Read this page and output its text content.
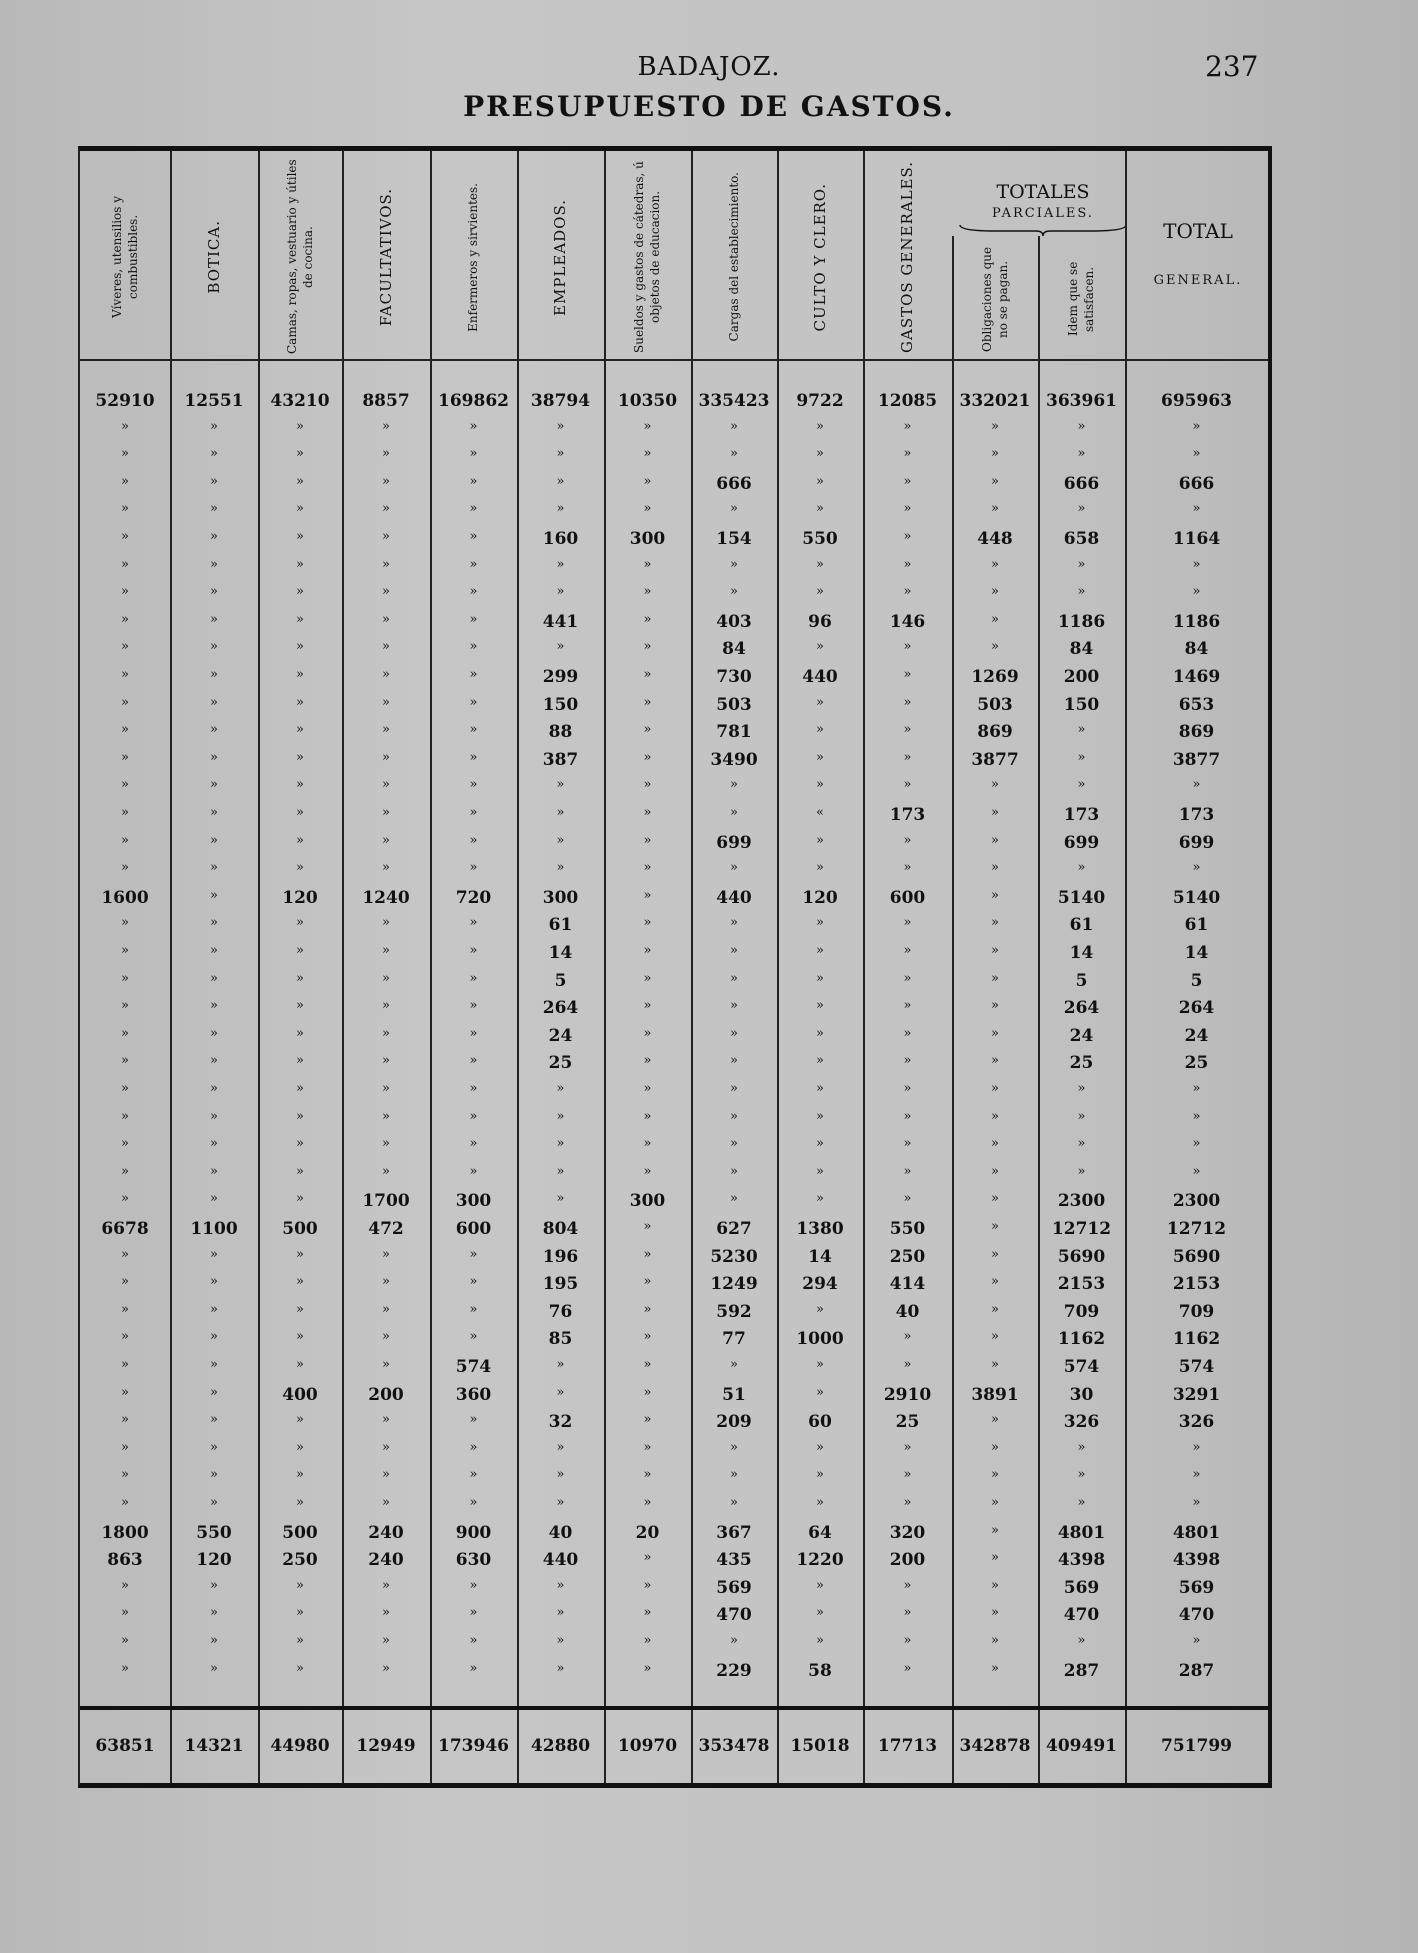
BADAJOZ.	237
PRESUPUESTO DE GASTOS.
TOTALES
PARCIALES.
TOTAL
GENERAL.
Víveres, utensilios y combustibles.	BOTICA.	Camas, ropas, vestuario y útiles de cocina.	FACULTATIVOS.	Enfermeros y sirvientes.	EMPLEADOS.	Sueldos y gastos de cátedras, ú objetos de educacion.	Cargas del establecimiento.	CULTO Y CLERO.	GASTOS GENERALES.	Obligaciones que no se pagan.	Idem que se satisfacen.
52910	12551	43210	8857	169862	38794	10350	335423	9722	12085	332021 363961	695963
»	»	»	»	»	»	»	»	»	»	»	»	»
»	»	»	»	»	»	»	»	»	»	»	»	»
»	»	»	»	»	»	»	666	»	»	»	666	666
»	»	»	»	»	»	»	»	»	»	»	»	»
»	»	»	»	»	160	300	154	550	»	448	658	1164
»	»	»	»	»	»	»	»	»	»	»	»	»
»	»	»	»	»	»	»	»	»	»	»	»	»
»	»	»	»	»	441	»	403	96	146	»	1186	1186
»	»	»	»	»	»	»	84	»	»	»	84	84
»	»	»	»	»	299	»	730	440	»	1269	200	1469
»	»	»	»	»	150	»	503	»	»	503	150	653
»	»	»	»	»	88	»	781	»	»	869	»	869
»	»	»	»	»	387	»	3490	»	»	3877	»	3877
»	»	»	»	»	»	»	»	»	»	»	»	»
»	»	»	»	»	»	»	»	«	173	»	173	173
»	»	»	»	»	»	»	699	»	»	»	699	699
»	»	»	»	»	»	»	»	»	»	»	»	»
1600	»	120	1240	720	300	»	440	120	600	»	5140	5140
»	»	»	»	»	61	»	»	»	»	»	61	61
»	»	»	»	»	14	»	»	»	»	»	14	14
»	»	»	»	»	5	»	»	»	»	»	5	5
»	»	»	»	»	264	»	»	»	»	»	264	264
»	»	»	»	»	24	»	»	»	»	»	24	24
»	»	»	»	»	25	»	»	»	»	»	25	25
»	»	»	»	»	»	»	»	»	»	»	»	»
»	»	»	»	»	»	»	»	»	»	»	»	»
»	»	»	»	»	»	»	»	»	»	»	»	»
»	»	»	»	»	»	»	»	»	»	»	»	»
»	»	»	1700	300	»	300	»	»	»	»	2300	2300
6678	1100	500	472	600	804	»	627	1380	550	»	12712	12712
»	»	»	»	»	196	»	5230	14	250	»	5690	5690
»	»	»	»	»	195	»	1249	294	414	»	2153	2153
»	»	»	»	»	76	»	592	»	40	»	709	709
»	»	»	»	»	85	»	77	1000	»	»	1162	1162
»	»	»	»	574	»	»	»	»	»	»	574	574
»	»	400	200	360	»	»	51	»	2910	3891	30	3291
»	»	»	»	»	32	»	209	60	25	»	326	326
»	»	»	»	»	»	»	»	»	»	»	»	»
»	»	»	»	»	»	»	»	»	»	»	»	»
»	»	»	»	»	»	»	»	»	»	»	»	»
1800	550	500	240	900	40	20	367	64	320	»	4801	4801
863	120	250	240	630	440	»	435	1220	200	»	4398	4398
»	»	»	»	»	»	»	569	»	»	»	569	569
»	»	»	»	»	»	»	470	»	»	»	470	470
»	»	»	»	»	»	»	»	»	»	»	»	»
»	»	»	»	»	»	»	229	58	»	»	287	287
63851	14321	44980	12949	173946	42880	10970	353478	15018	17713	342878 409491	751799
